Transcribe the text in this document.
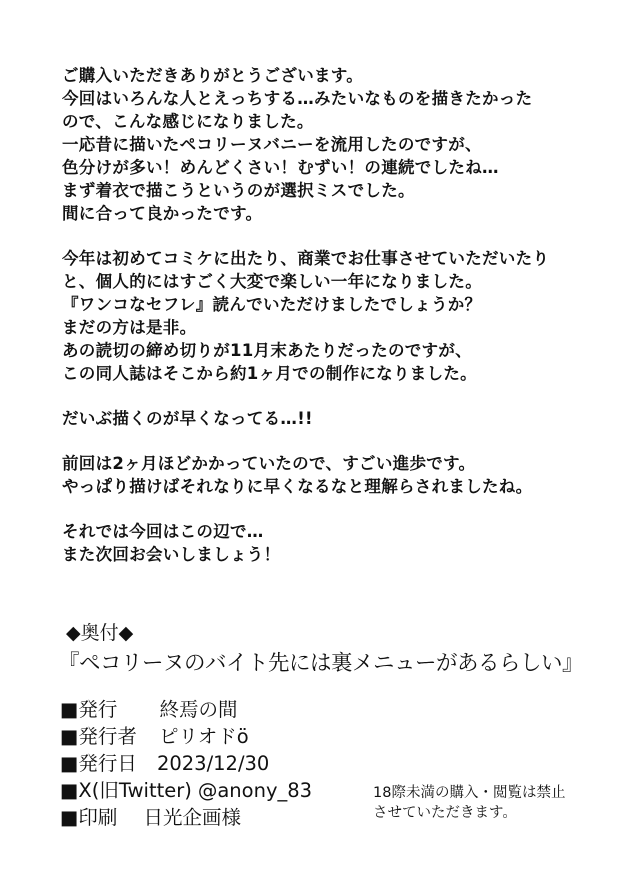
ご購入いただきありがとうございます。
今回はいろんな人とえっちする…みたいなものを描きたかった
ので、こんな感じになりました。
一応昔に描いたペコリーヌバニーを流用したのですが、
色分けが多い！めんどくさい！むずい！の連続でしたね…
まず着衣で描こうというのが選択ミスでした。
間に合って良かったです。
今年は初めてコミケに出たり、商業でお仕事させていただいたり
と、個人的にはすごく大変で楽しい一年になりました。
『ワンコなセフレ』読んでいただけましたでしょうか？
まだの方は是非。
あの読切の締め切りが11月末あたりだったのですが、
この同人誌はそこから約1ヶ月での制作になりました。
だいぶ描くのが早くなってる…!!
前回は2ヶ月ほどかかっていたので、すごい進歩です。
やっぱり描けばそれなりに早くなるなと理解らされましたね。
それでは今回はこの辺で…
また次回お会いしましょう！
◆奥付◆
『ペコリーヌのバイト先には裏メニューがあるらしい』
■発行 終焉の間
■発行者 ピリオドö
■発行日 2023/12/30
■X(旧Twitter) @anony_83
■印刷 日光企画様
18際未満の購入・閲覧は禁止
させていただきます。
